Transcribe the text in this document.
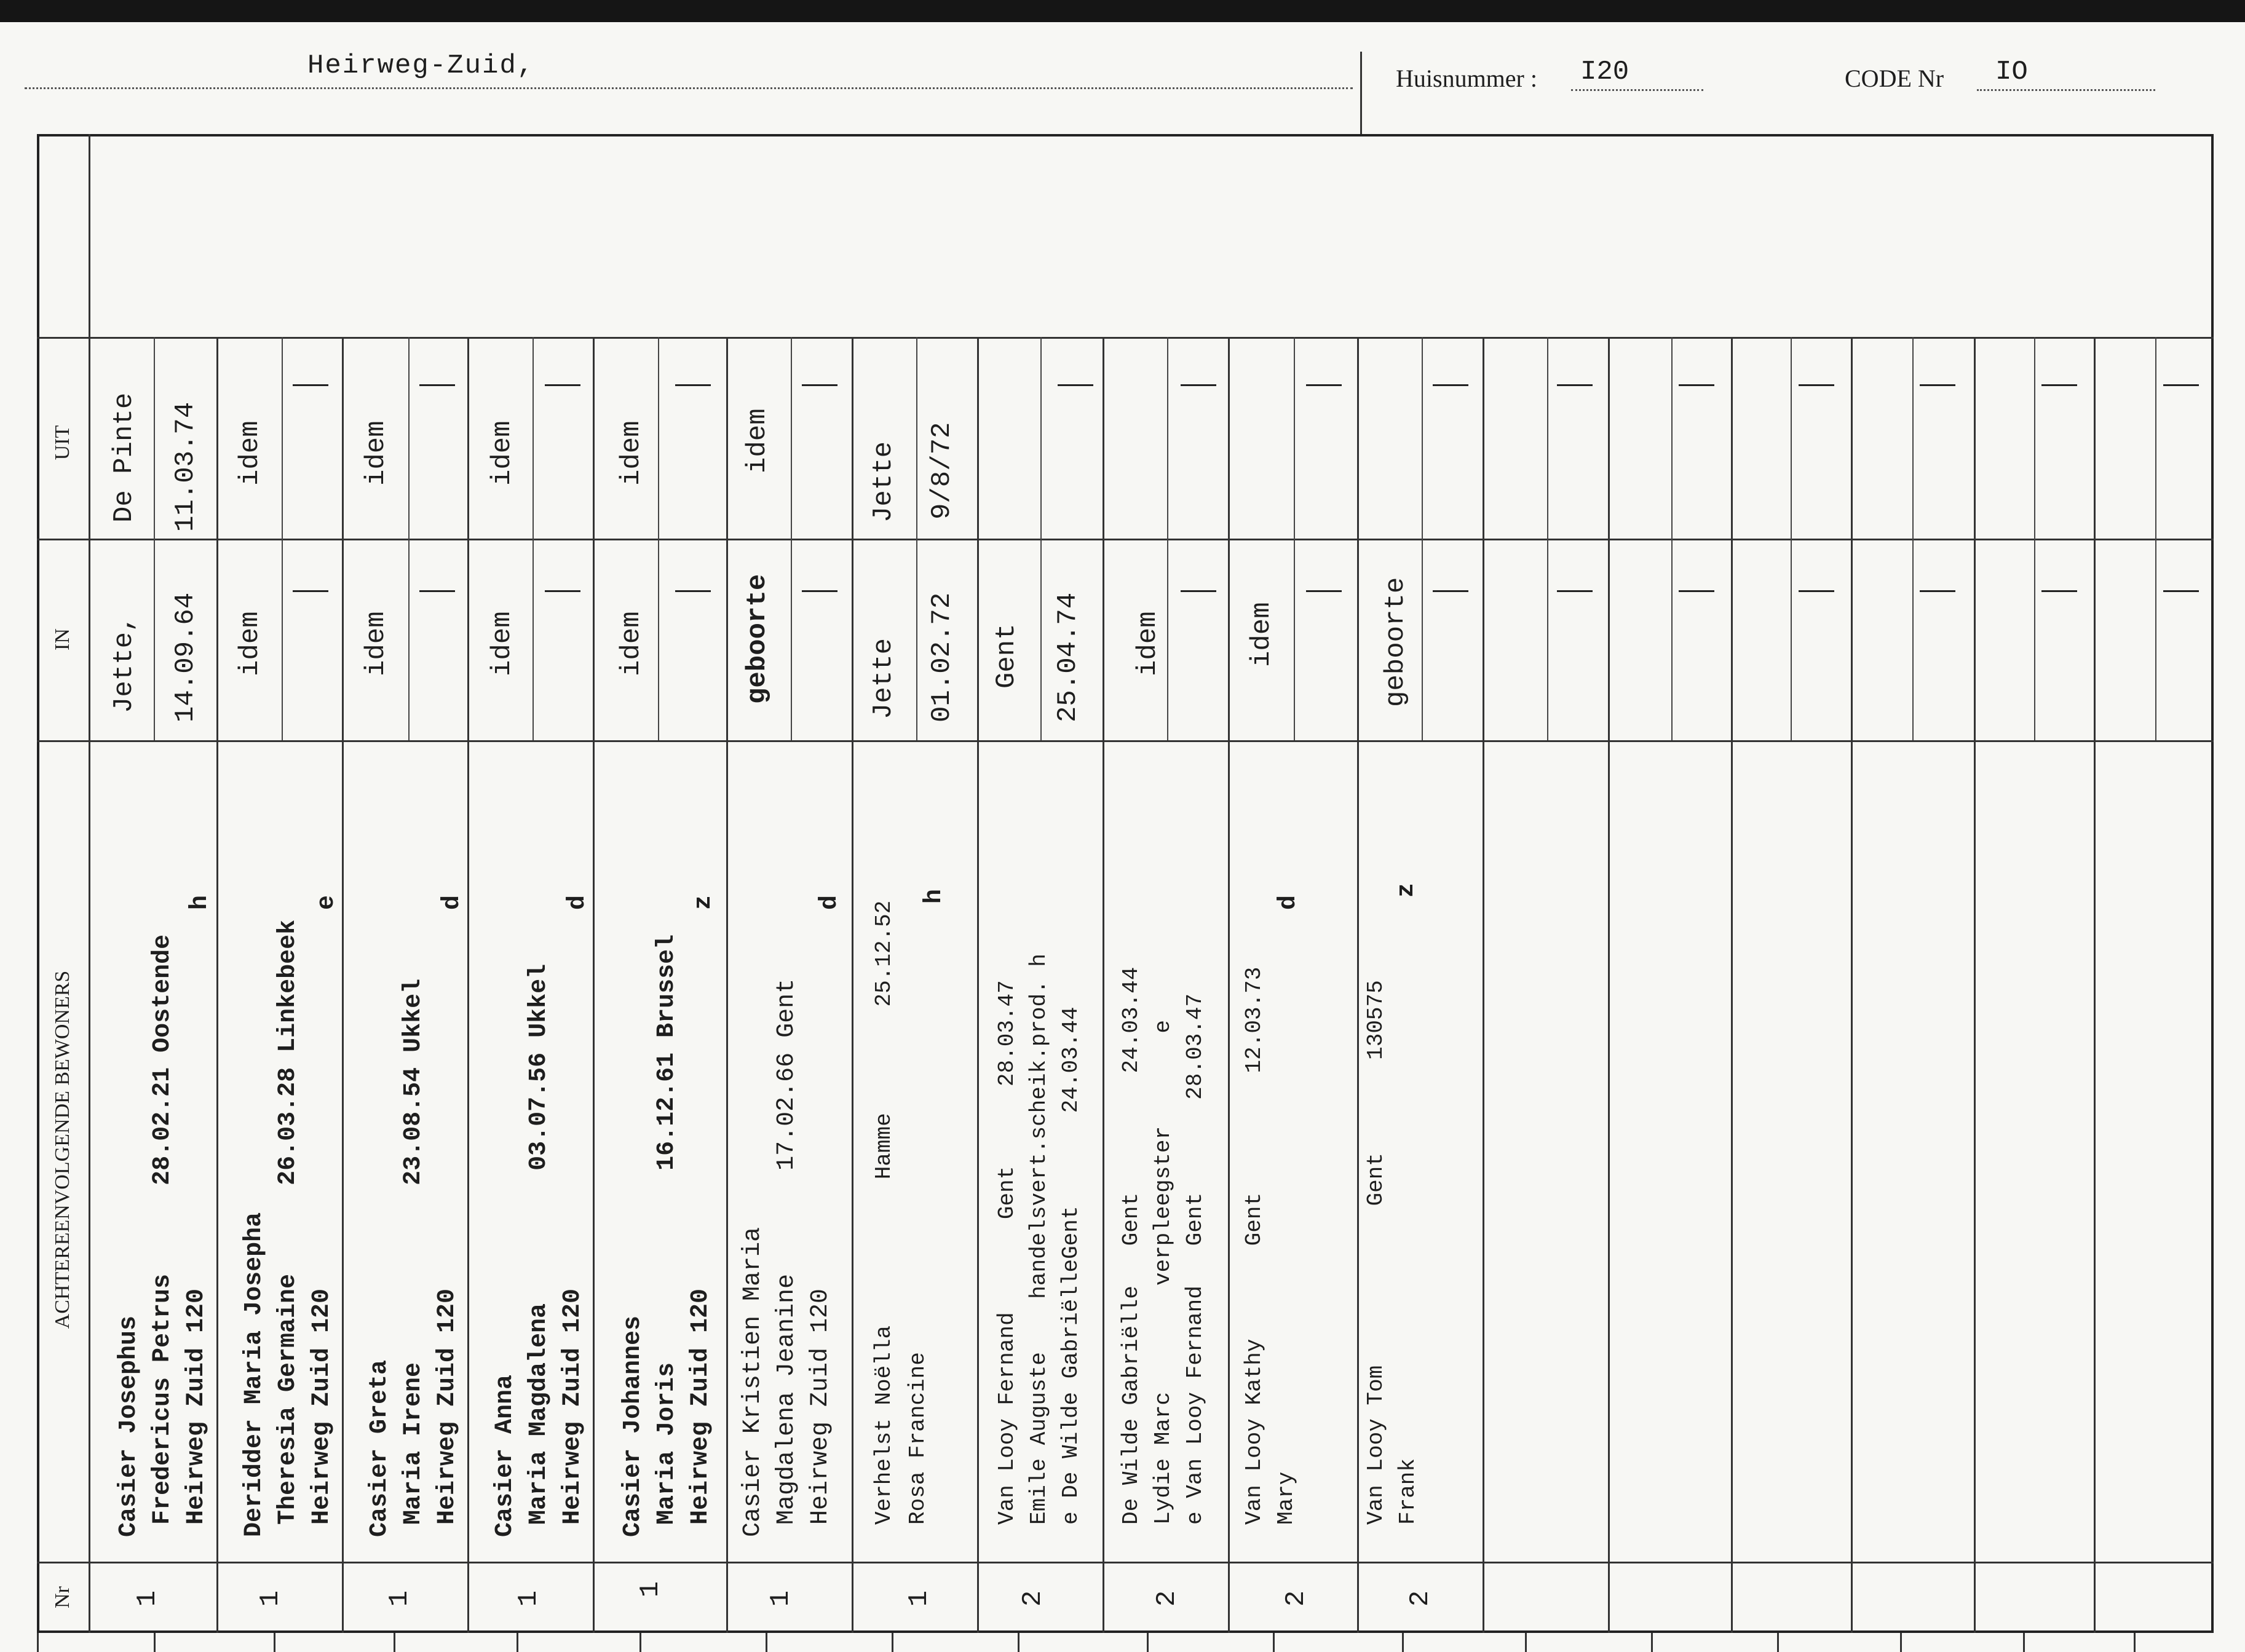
Heirweg-Zuid,	Huisnummer : I20	CODE Nr IO
UIT
IN
ACHTEREENVOLGENDE BEWONERS
Nr
Casier Josephus Fredericus Petrus      28.02.21 Oostende Heirweg Zuid 120
h
Jette, 14.09.64
De Pinte 11.03.74
1
Deridder Maria Josepha Theresia Germaine      26.03.28 Linkebeek Heirweg Zuid 120
e
idem
idem
1
Casier Greta Maria Irene            23.08.54 Ukkel Heirweg Zuid 120
d
idem
idem
1
Casier Anna Maria Magdalena         03.07.56 Ukkel Heirweg Zuid 120
d
idem
idem
1
Casier Johannes Maria Joris             16.12.61 Brussel Heirweg Zuid 120
z
idem
idem
1
Casier Kristien Maria Magdalena Jeanine       17.02.66 Gent Heirweg Zuid 120
d
geboorte
idem
1
Verhelst Noëlla           Hamme        25.12.52 Rosa Francine
h
Jette 01.02.72
Jette 9/8/72
1
Van Looy Fernand       Gent      28.03.47 Emile Auguste    handelsvert.scheik.prod. h e De Wilde GabriëlleGent       24.03.44
Gent 25.04.74
2
De Wilde Gabriëlle   Gent         24.03.44 Lydie Marc        verpleegster       e e Van Looy Fernand   Gent       28.03.47
idem
2
Van Looy Kathy       Gent         12.03.73 Mary
d
idem
2
Van Looy Tom            Gent       130575 Frank
z
geboorte
2
